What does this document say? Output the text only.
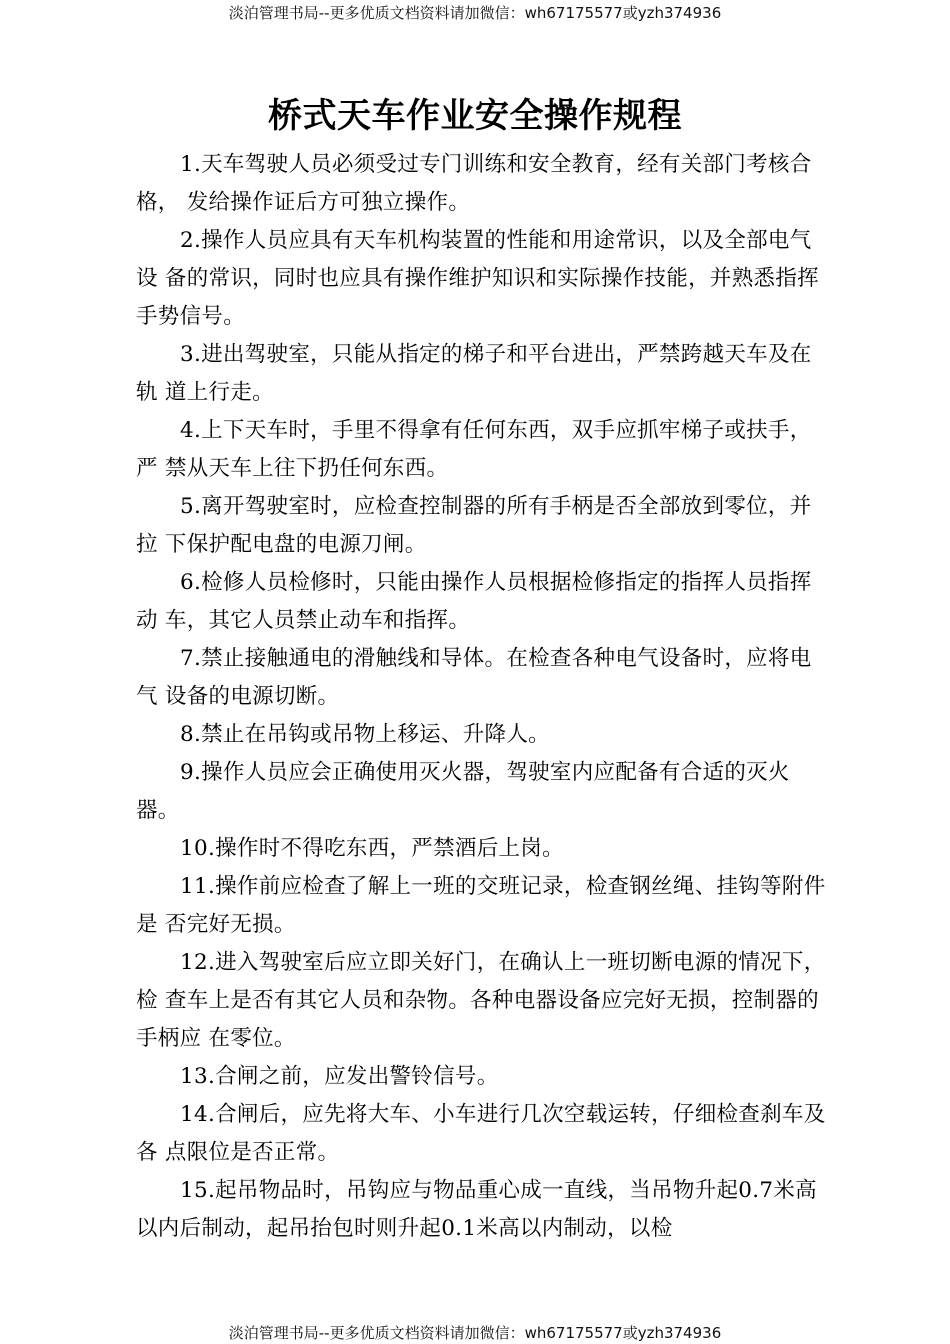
淡泊管理书局--更多优质文档资料请加微信：wh67175577或yzh374936
桥式天车作业安全操作规程

1.天车驾驶人员必须受过专门训练和安全教育，经有关部门考核合格， 发给操作证后方可独立操作。

2.操作人员应具有天车机构装置的性能和用途常识，以及全部电气设 备的常识，同时也应具有操作维护知识和实际操作技能，并熟悉指挥手势信号。

3.进出驾驶室，只能从指定的梯子和平台进出，严禁跨越天车及在轨 道上行走。

4.上下天车时，手里不得拿有任何东西，双手应抓牢梯子或扶手，严 禁从天车上往下扔任何东西。

5.离开驾驶室时，应检查控制器的所有手柄是否全部放到零位，并拉 下保护配电盘的电源刀闸。

6.检修人员检修时，只能由操作人员根据检修指定的指挥人员指挥动 车，其它人员禁止动车和指挥。

7.禁止接触通电的滑触线和导体。在检查各种电气设备时，应将电气 设备的电源切断。

8.禁止在吊钩或吊物上移运、升降人。

9.操作人员应会正确使用灭火器，驾驶室内应配备有合适的灭火器。

10.操作时不得吃东西，严禁酒后上岗。

11.操作前应检查了解上一班的交班记录，检查钢丝绳、挂钩等附件是 否完好无损。

12.进入驾驶室后应立即关好门，在确认上一班切断电源的情况下，检 查车上是否有其它人员和杂物。各种电器设备应完好无损，控制器的手柄应 在零位。

13.合闸之前，应发出警铃信号。

14.合闸后，应先将大车、小车进行几次空载运转，仔细检查刹车及各 点限位是否正常。

15.起吊物品时，吊钩应与物品重心成一直线，当吊物升起0.7米高以内后制动，起吊抬包时则升起0.1米高以内制动，以检

淡泊管理书局--更多优质文档资料请加微信：wh67175577或yzh374936
